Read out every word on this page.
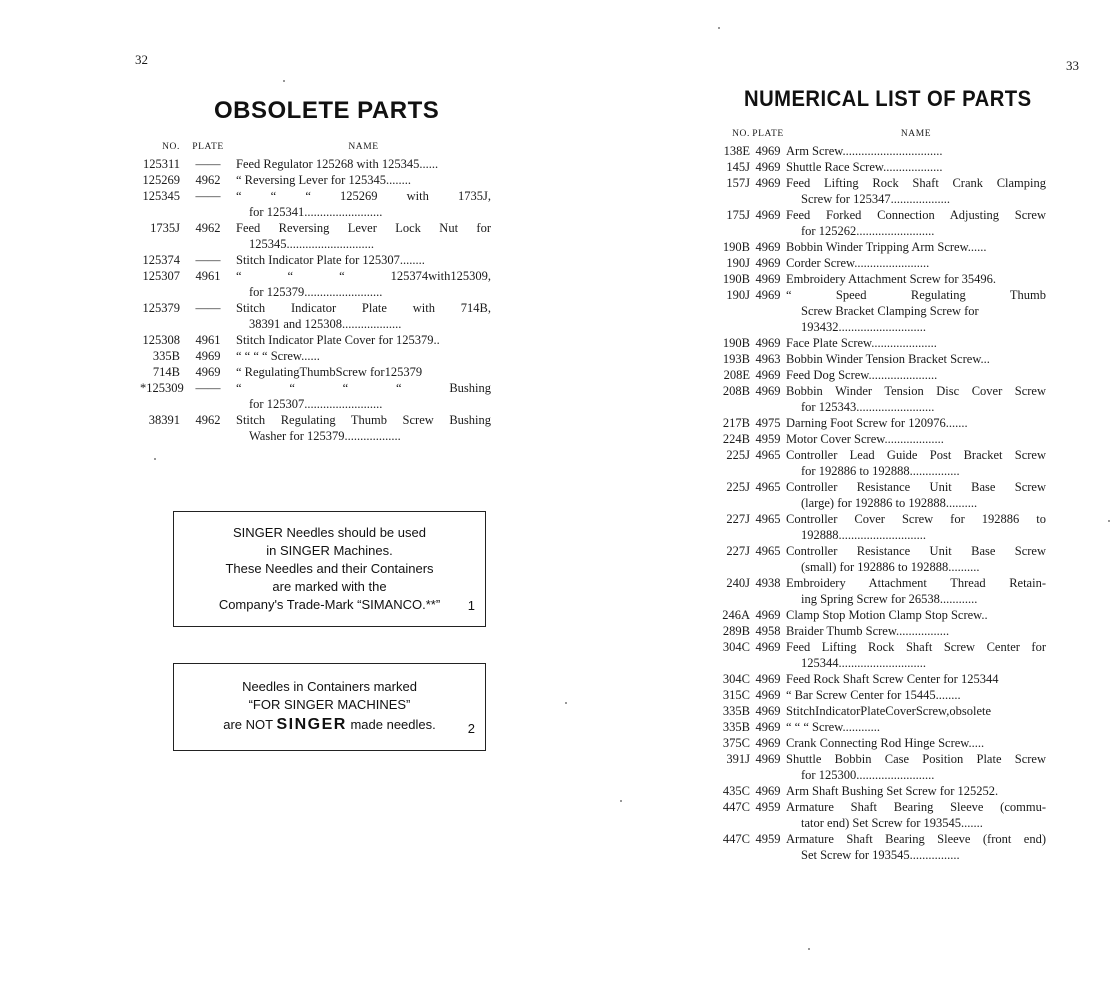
32	33
OBSOLETE PARTS	NUMERICAL LIST OF PARTS
NO.	PLATE	NAME
125311	——	Feed Regulator 125268 with 125345......
125269	4962	“ Reversing Lever for 125345........
125345	——	“ “ “ 125269 with 1735J,
for 125341.........................
1735J	4962	Feed Reversing Lever Lock Nut for
125345............................
125374	——	Stitch Indicator Plate for 125307........
125307	4961	“ “ “ 125374with125309,
for 125379.........................
125379	——	Stitch Indicator Plate with 714B,
38391 and 125308...................
125308	4961	Stitch Indicator Plate Cover for 125379..
335B	4969	“ “ “ “ Screw......
714B	4969	“ RegulatingThumbScrew for125379
*125309 ——	“ “ “ “ Bushing
for 125307.........................
38391	4962	Stitch Regulating Thumb Screw Bushing
Washer for 125379..................
SINGER Needles should be used
in SINGER Machines.
These Needles and their Containers
are marked with the
Company's Trade-Mark “SIMANCO.**”	1
Needles in Containers marked
“FOR SINGER MACHINES”
are NOT SINGER made needles.	2
NO. PLATE	NAME
138E 4969 Arm Screw................................
145J 4969 Shuttle Race Screw...................
157J 4969 Feed Lifting Rock Shaft Crank Clamping
Screw for 125347...................
175J 4969 Feed Forked Connection Adjusting Screw
for 125262.........................
190B 4969 Bobbin Winder Tripping Arm Screw......
190J 4969 Corder Screw........................
190B 4969 Embroidery Attachment Screw for 35496.
190J 4969 “ Speed Regulating Thumb
Screw Bracket Clamping Screw for
193432............................
190B 4969 Face Plate Screw.....................
193B 4963 Bobbin Winder Tension Bracket Screw...
208E 4969 Feed Dog Screw......................
208B 4969 Bobbin Winder Tension Disc Cover Screw
for 125343.........................
217B 4975 Darning Foot Screw for 120976.......
224B 4959 Motor Cover Screw...................
225J 4965 Controller Lead Guide Post Bracket Screw
for 192886 to 192888................
225J 4965 Controller Resistance Unit Base Screw
(large) for 192886 to 192888..........
227J 4965 Controller Cover Screw for 192886 to
192888............................
227J 4965 Controller Resistance Unit Base Screw
(small) for 192886 to 192888..........
240J 4938 Embroidery Attachment Thread Retain-
ing Spring Screw for 26538............
246A 4969 Clamp Stop Motion Clamp Stop Screw..
289B 4958 Braider Thumb Screw.................
304C 4969 Feed Lifting Rock Shaft Screw Center for
125344............................
304C 4969 Feed Rock Shaft Screw Center for 125344
315C 4969 “ Bar Screw Center for 15445........
335B 4969 StitchIndicatorPlateCoverScrew,obsolete
335B 4969 “ “ “ Screw............
375C 4969 Crank Connecting Rod Hinge Screw.....
391J 4969 Shuttle Bobbin Case Position Plate Screw
for 125300.........................
435C 4969 Arm Shaft Bushing Set Screw for 125252.
447C 4959 Armature Shaft Bearing Sleeve (commu-
tator end) Set Screw for 193545.......
447C 4959 Armature Shaft Bearing Sleeve (front end)
Set Screw for 193545................
